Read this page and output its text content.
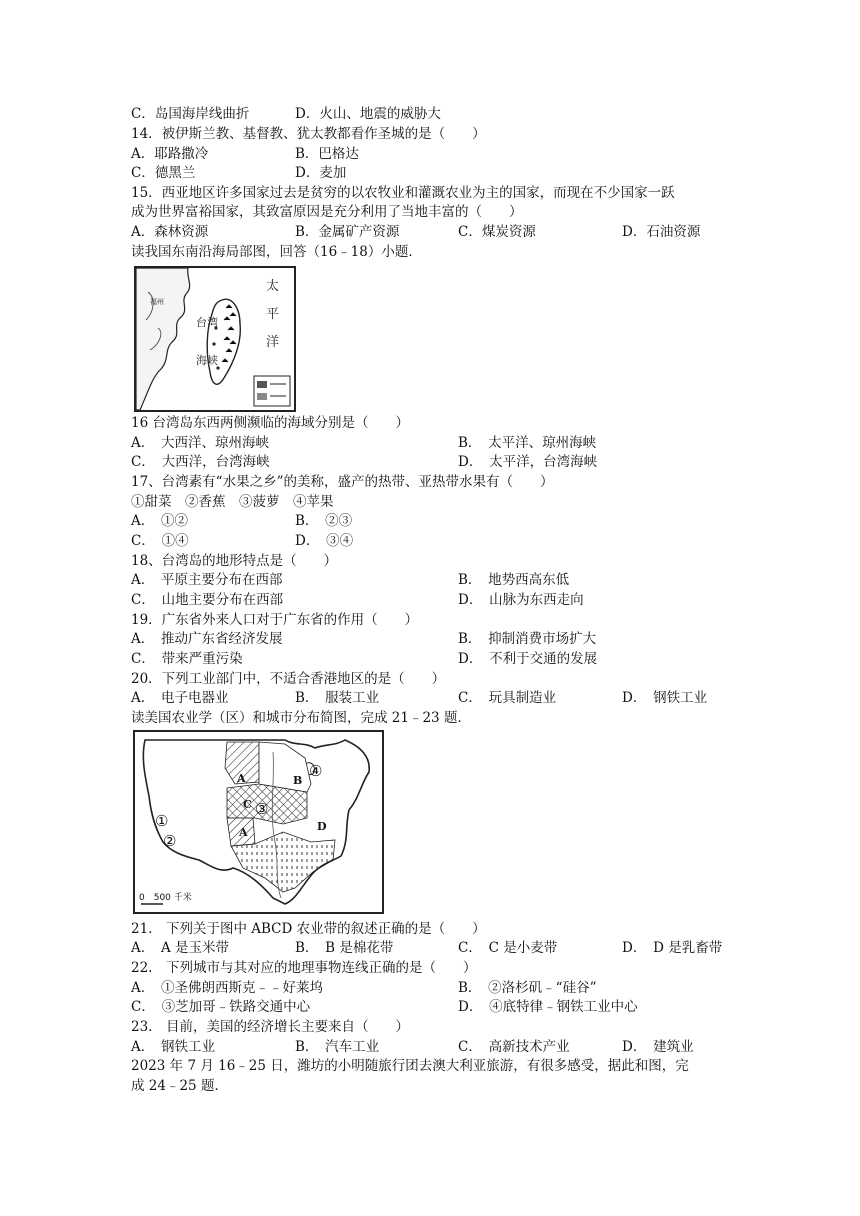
C．岛国海岸线曲折	D．火山、地震的威胁大
14．被伊斯兰教、基督教、犹太教都看作圣城的是（　　）
A．耶路撒冷	B．巴格达
C．德黑兰	D．麦加
15．西亚地区许多国家过去是贫穷的以农牧业和灌溉农业为主的国家，而现在不少国家一跃
成为世界富裕国家，其致富原因是充分利用了当地丰富的（　　）
A．森林资源	B．金属矿产资源	C．煤炭资源	D．石油资源
读我国东南沿海局部图，回答（16﹣18）小题．
台湾
海峡
福州
太
平
洋
16 台湾岛东西两侧濒临的海域分别是（　　）
A．　大西洋、琼州海峡	B．　太平洋、琼州海峡
C．　大西洋，台湾海峡	D．　太平洋，台湾海峡
17、台湾素有“水果之乡”的美称，盛产的热带、亚热带水果有（　　）
①甜菜　②香蕉　③菠萝　④苹果
A．　①②	B．　②③
C．　①④	D．　③④
18、台湾岛的地形特点是（　　）
A．　平原主要分布在西部	B．　地势西高东低
C．　山地主要分布在西部	D．　山脉为东西走向
19．广东省外来人口对于广东省的作用（　　）
A．　推动广东省经济发展	B．　抑制消费市场扩大
C．　带来严重污染	D．　不利于交通的发展
20．下列工业部门中，不适合香港地区的是（　　）
A．　电子电器业	B．　服装工业	C．　玩具制造业	D．　钢铁工业
读美国农业学（区）和城市分布简图，完成 21﹣23 题．
①
②
③
④
A	B
C
D
A
0　500 千米
21.　下列关于图中 ABCD 农业带的叙述正确的是（　　）
A．　A 是玉米带	B．　B 是棉花带	C．　C 是小麦带	D．　D 是乳畜带
22.　下列城市与其对应的地理事物连线正确的是（　　）
A．　①圣佛朗西斯克﹣﹣好莱坞	B．　②洛杉矶﹣“硅谷”
C．　③芝加哥﹣铁路交通中心	D．　④底特律﹣钢铁工业中心
23.　目前，美国的经济增长主要来自（　　）
A．　钢铁工业	B．　汽车工业	C．　高新技术产业	D．　建筑业
2023 年 7 月 16﹣25 日，潍坊的小明随旅行团去澳大利亚旅游，有很多感受，据此和图，完
成 24﹣25 题．
